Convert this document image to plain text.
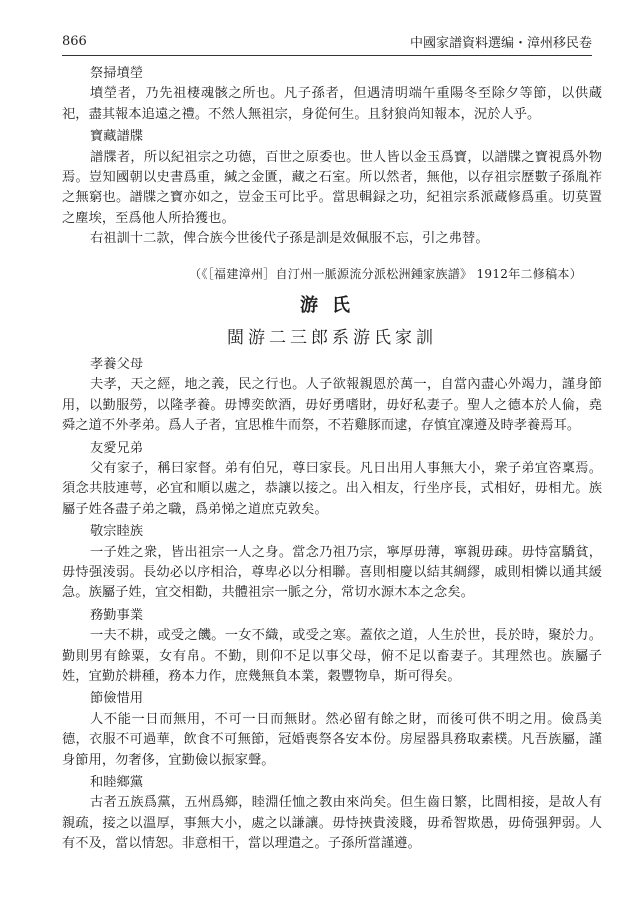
866	中國家譜資料選编・漳州移民卷

祭掃墳塋

墳塋者，乃先祖棲魂骸之所也。凡子孫者，但遇清明端午重陽冬至除夕等節，以供蔵祀，盡其報本追遠之禮。不然人無祖宗，身從何生。且豺狼尚知報本，況於人乎。

寶藏譜牒

譜牒者，所以紀祖宗之功德，百世之原委也。世人皆以金玉爲寶，以譜牒之寶視爲外物焉。豈知國朝以史書爲重，緘之金匱，藏之石室。所以然者，無他，以存祖宗歷數子孫胤祚之無窮也。譜牒之寶亦如之，豈金玉可比乎。當思輯録之功，紀祖宗系派蔵修爲重。切莫置之塵埃，至爲他人所拾獲也。

右祖訓十二款，俾合族今世後代子孫是訓是效佩服不忘，引之弗替。

（《［福建漳州］自汀州一脈源流分派松洲鍾家族譜》 1912年二修稿本）
游氏
閩游二三郎系游氏家訓

孝養父母

夫孝，天之經，地之義，民之行也。人子欲報親恩於萬一，自當內盡心外竭力，謹身節用，以勤服勞，以隆孝養。毋博奕飲酒，毋好勇嗜財，毋好私妻子。聖人之德本於人倫，堯舜之道不外孝弟。爲人子者，宜思椎牛而祭，不若雞豚而逮，存慎宜凜遵及時孝養焉耳。

友愛兄弟

父有家子，稱曰家督。弟有伯兄，尊曰家長。凡日出用人事無大小，衆子弟宜咨稟焉。須念共肢連萼，必宜和順以處之，恭讓以接之。出入相友，行坐序長，式相好，毋相尤。族屬子姓各盡子弟之職，爲弟悌之道庶克敦矣。

敬宗睦族

一子姓之衆，皆出祖宗一人之身。當念乃祖乃宗，寧厚毋薄，寧親毋疎。毋恃富驕貧，毋恃强淩弱。長幼必以序相洽，尊卑必以分相聯。喜則相慶以結其綢繆，戚則相憐以通其緩急。族屬子姓，宜交相勸，共體祖宗一脈之分，常切水源木本之念矣。

務勤事業

一夫不耕，或受之饑。一女不織，或受之寒。蓋依之道，人生於世，長於時，聚於力。勤則男有餘粟，女有帛。不勤，則仰不足以事父母，俯不足以畜妻子。其理然也。族屬子姓，宜勤於耕種，務本力作，庶幾無負本業，穀豐物阜，斯可得矣。

節儉惜用

人不能一日而無用，不可一日而無財。然必留有餘之財，而後可供不明之用。儉爲美德，衣服不可過華，飲食不可無節，冠婚喪祭各安本份。房屋器具務取素樸。凡吾族屬，謹身節用，勿奢侈，宜勤儉以振家聲。

和睦鄉黨

古者五族爲黨，五州爲鄉，睦淵任恤之教由來尚矣。但生齒日繁，比閭相接，是故人有親疏，接之以溫厚，事無大小，處之以謙讓。毋恃挾貴淩賤，毋希智欺愚，毋倚强狎弱。人有不及，當以情恕。非意相干，當以理遣之。子孫所當謹遵。
